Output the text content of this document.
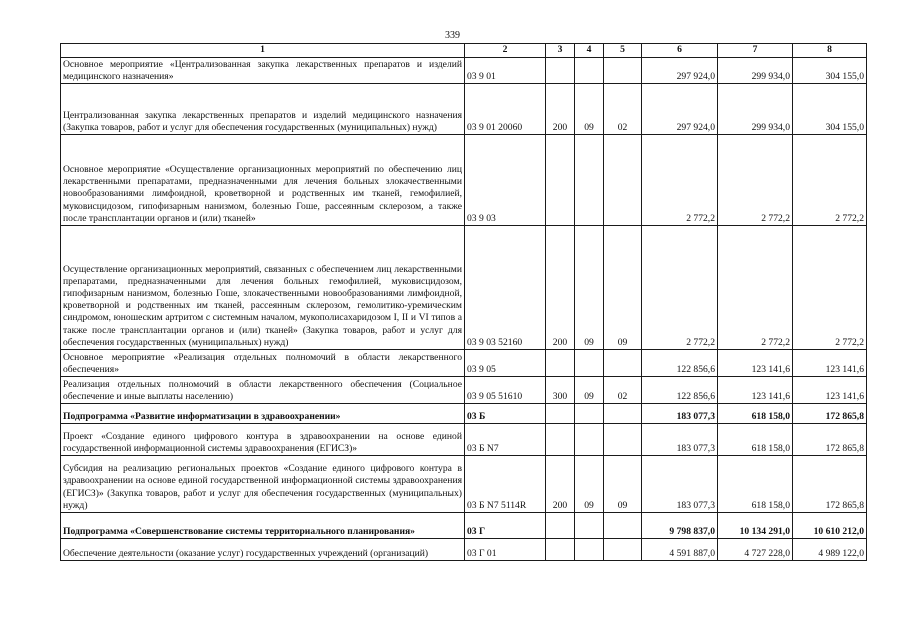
339
1	2	3	4	5	6	7	8
Основное мероприятие «Централизованная закупка лекарственных препаратов и изделий медицинского назначения»	03 9 01				297 924,0	299 934,0	304 155,0
Централизованная закупка лекарственных препаратов и изделий медицинского назначения (Закупка товаров, работ и услуг для обеспечения государственных (муниципальных) нужд)	03 9 01 20060	200	09	02	297 924,0	299 934,0	304 155,0
Основное мероприятие «Осуществление организационных мероприятий по обеспечению лиц лекарственными препаратами, предназначенными для лечения больных злокачественными новообразованиями лимфоидной, кроветворной и родственных им тканей, гемофилией, муковисцидозом, гипофизарным нанизмом, болезнью Гоше, рассеянным склерозом, а также после трансплантации органов и (или) тканей»	03 9 03				2 772,2	2 772,2	2 772,2
Осуществление организационных мероприятий, связанных с обеспечением лиц лекарственными препаратами, предназначенными для лечения больных гемофилией, муковисцидозом, гипофизарным нанизмом, болезнью Гоше, злокачественными новообразованиями лимфоидной, кроветворной и родственных им тканей, рассеянным склерозом, гемолитико-уремическим синдромом, юношеским артритом с системным началом, мукополисахаридозом I, II и VI типов а также после трансплантации органов и (или) тканей» (Закупка товаров, работ и услуг для обеспечения государственных (муниципальных) нужд)	03 9 03 52160	200	09	09	2 772,2	2 772,2	2 772,2
Основное мероприятие «Реализация отдельных полномочий в области лекарственного обеспечения»	03 9 05				122 856,6	123 141,6	123 141,6
Реализация отдельных полномочий в области лекарственного обеспечения (Социальное обеспечение и иные выплаты населению)	03 9 05 51610	300	09	02	122 856,6	123 141,6	123 141,6
Подпрограмма «Развитие информатизации в здравоохранении»	03 Б				183 077,3	618 158,0	172 865,8
Проект «Создание единого цифрового контура в здравоохранении на основе единой государственной информационной системы здравоохранения (ЕГИСЗ)»	03 Б N7				183 077,3	618 158,0	172 865,8
Субсидия на реализацию региональных проектов «Создание единого цифрового контура в здравоохранении на основе единой государственной информационной системы здравоохранения (ЕГИСЗ)» (Закупка товаров, работ и услуг для обеспечения государственных (муниципальных) нужд)	03 Б N7 5114R	200	09	09	183 077,3	618 158,0	172 865,8
Подпрограмма «Совершенствование системы территориального планирования»	03 Г				9 798 837,0	10 134 291,0	10 610 212,0
Обеспечение деятельности (оказание услуг) государственных учреждений (организаций)	03 Г 01				4 591 887,0	4 727 228,0	4 989 122,0
